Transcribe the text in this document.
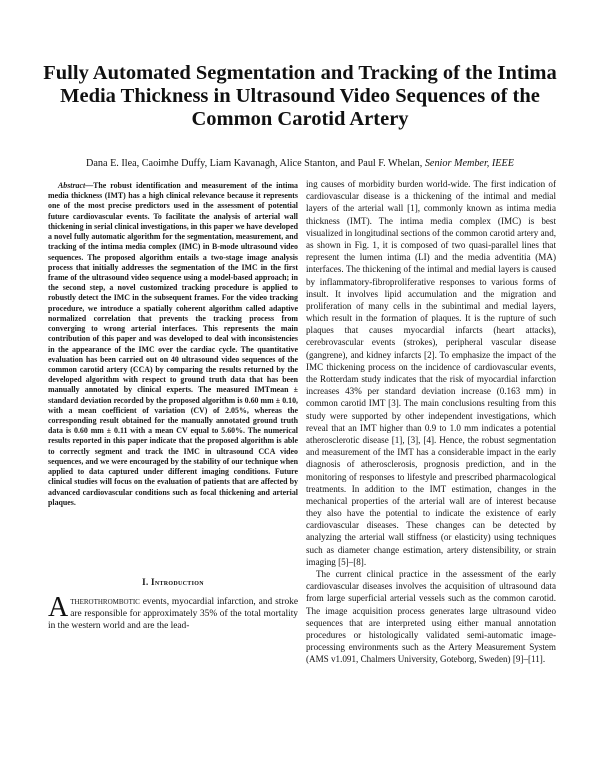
Fully Automated Segmentation and Tracking of the Intima Media Thickness in Ultrasound Video Sequences of the Common Carotid Artery
Dana E. Ilea, Caoimhe Duffy, Liam Kavanagh, Alice Stanton, and Paul F. Whelan, Senior Member, IEEE

Abstract—The robust identification and measurement of the intima media thickness (IMT) has a high clinical relevance because it represents one of the most precise predictors used in the assessment of potential future cardiovascular events. To facilitate the analysis of arterial wall thickening in serial clinical investigations, in this paper we have developed a novel fully automatic algorithm for the segmentation, measurement, and tracking of the intima media complex (IMC) in B-mode ultrasound video sequences. The proposed algorithm entails a two-stage image analysis process that initially addresses the segmentation of the IMC in the first frame of the ultrasound video sequence using a model-based approach; in the second step, a novel customized tracking procedure is applied to robustly detect the IMC in the subsequent frames. For the video tracking procedure, we introduce a spatially coherent algorithm called adaptive normalized correlation that prevents the tracking process from converging to wrong arterial interfaces. This represents the main contribution of this paper and was developed to deal with inconsistencies in the appearance of the IMC over the cardiac cycle. The quantitative evaluation has been carried out on 40 ultrasound video sequences of the common carotid artery (CCA) by comparing the results returned by the developed algorithm with respect to ground truth data that has been manually annotated by clinical experts. The measured IMTmean ± standard deviation recorded by the proposed algorithm is 0.60 mm ± 0.10, with a mean coefficient of variation (CV) of 2.05%, whereas the corresponding result obtained for the manually annotated ground truth data is 0.60 mm ± 0.11 with a mean CV equal to 5.60%. The numerical results reported in this paper indicate that the proposed algorithm is able to correctly segment and track the IMC in ultrasound CCA video sequences, and we were encouraged by the stability of our technique when applied to data captured under different imaging conditions. Future clinical studies will focus on the evaluation of patients that are affected by advanced cardiovascular conditions such as focal thickening and arterial plaques.

I. Introduction

Atherothrombotic events, myocardial infarction, and stroke are responsible for approximately 35% of the total mortality in the western world and are the lead-

ing causes of morbidity burden world-wide. The first indication of cardiovascular disease is a thickening of the intimal and medial layers of the arterial wall [1], commonly known as intima media thickness (IMT). The intima media complex (IMC) is best visualized in longitudinal sections of the common carotid artery and, as shown in Fig. 1, it is composed of two quasi-parallel lines that represent the lumen intima (LI) and the media adventitia (MA) interfaces. The thickening of the intimal and medial layers is caused by inflammatory-fibroproliferative responses to various forms of insult. It involves lipid accumulation and the migration and proliferation of many cells in the subintimal and medial layers, which result in the formation of plaques. It is the rupture of such plaques that causes myocardial infarcts (heart attacks), cerebrovascular events (strokes), peripheral vascular disease (gangrene), and kidney infarcts [2]. To emphasize the impact of the IMC thickening process on the incidence of cardiovascular events, the Rotterdam study indicates that the risk of myocardial infarction increases 43% per standard deviation increase (0.163 mm) in common carotid IMT [3]. The main conclusions resulting from this study were supported by other independent investigations, which reveal that an IMT higher than 0.9 to 1.0 mm indicates a potential atherosclerotic disease [1], [3], [4]. Hence, the robust segmentation and measurement of the IMT has a considerable impact in the early diagnosis of atherosclerosis, prognosis prediction, and in the monitoring of responses to lifestyle and prescribed pharmacological treatments. In addition to the IMT estimation, changes in the mechanical properties of the arterial wall are of interest because they also have the potential to indicate the existence of early cardiovascular diseases. These changes can be detected by analyzing the arterial wall stiffness (or elasticity) using techniques such as diameter change estimation, artery distensibility, or strain imaging [5]–[8].

The current clinical practice in the assessment of the early cardiovascular diseases involves the acquisition of ultrasound data from large superficial arterial vessels such as the common carotid. The image acquisition process generates large ultrasound video sequences that are interpreted using either manual annotation procedures or histologically validated semi-automatic image-processing environments such as the Artery Measurement System (AMS v1.091, Chalmers University, Goteborg, Sweden) [9]–[11].
